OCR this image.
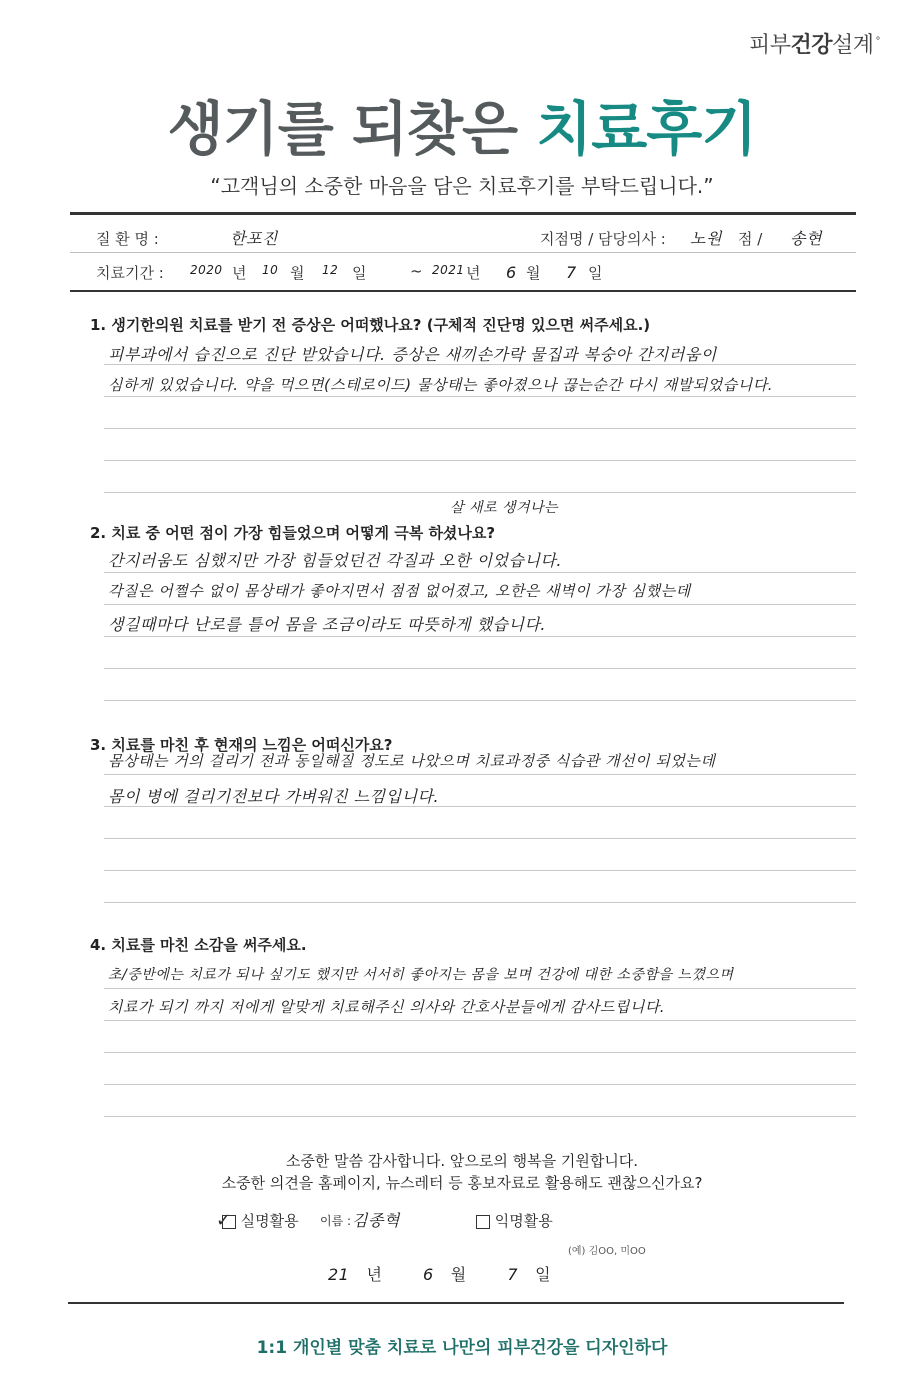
피부건강설계 °
생기를 되찾은 치료후기
“고객님의 소중한 마음을 담은 치료후기를 부탁드립니다.”
질 환 명 :	한포진	지점명 / 담당의사 : 노원 점 / 송현
치료기간 : 2020 년 10 월 12 일	~ 2021 년 6 월 7 일
1. 생기한의원 치료를 받기 전 증상은 어떠했나요? (구체적 진단명 있으면 써주세요.)
피부과에서 습진으로 진단 받았습니다. 증상은 새끼손가락 물집과 복숭아 간지러움이
심하게 있었습니다. 약을 먹으면(스테로이드) 물상태는 좋아졌으나 끊는순간 다시 재발되었습니다.
살 새로 생겨나는
2. 치료 중 어떤 점이 가장 힘들었으며 어떻게 극복 하셨나요?
간지러움도 심했지만 가장 힘들었던건 각질과 오한 이었습니다.
각질은 어쩔수 없이 몸상태가 좋아지면서 점점 없어졌고, 오한은 새벽이 가장 심했는데
생길때마다 난로를 틀어 몸을 조금이라도 따뜻하게 했습니다.
3. 치료를 마친 후 현재의 느낌은 어떠신가요?
몸상태는 거의 걸리기 전과 동일해질 정도로 나았으며 치료과정중 식습관 개선이 되었는데
몸이 병에 걸리기전보다 가벼워진 느낌입니다.
4. 치료를 마친 소감을 써주세요.
초/중반에는 치료가 되나 싶기도 했지만 서서히 좋아지는 몸을 보며 건강에 대한 소중함을 느꼈으며
치료가 되기 까지 저에게 알맞게 치료해주신 의사와 간호사분들에게 감사드립니다.
소중한 말씀 감사합니다. 앞으로의 행복을 기원합니다.
소중한 의견을 홈페이지, 뉴스레터 등 홍보자료로 활용해도 괜찮으신가요?
✓ 실명활용 이름 : 김종혁	익명활용
(예) 김OO, 미OO
21 년	6 월	7 일
1:1 개인별 맞춤 치료로 나만의 피부건강을 디자인하다
